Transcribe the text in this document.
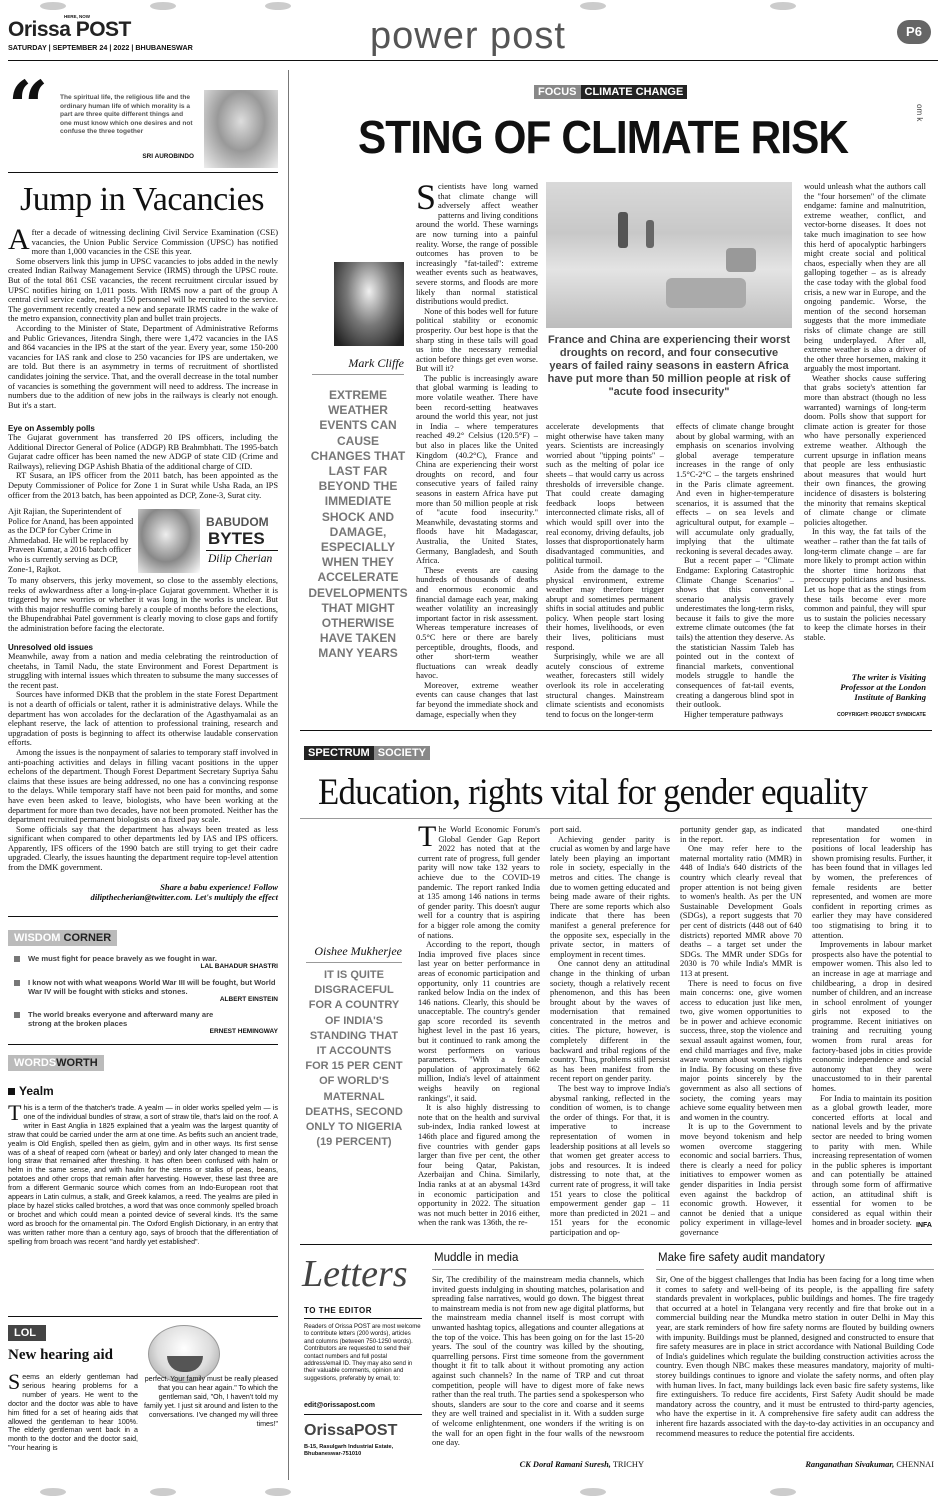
Orissa POST
HERE, NOW
SATURDAY | SEPTEMBER 24 | 2022 | BHUBANESWAR	power post	P6
“ The spiritual life, the religious life and the ordinary human life of which morality is a part are three quite different things and one must know which one desires and not confuse the three together
SRI AUROBINDO
Jump in Vacancies

After a decade of witnessing declining Civil Service Examination (CSE) vacancies, the Union Public Service Commission (UPSC) has notified more than 1,000 vacancies in the CSE this year.

Some observers link this jump in UPSC vacancies to jobs added in the newly created Indian Railway Management Service (IRMS) through the UPSC route. But of the total 861 CSE vacancies, the recent recruitment circular issued by UPSC notifies hiring on 1,011 posts. With IRMS now a part of the group A central civil service cadre, nearly 150 personnel will be recruited to the service. The government recently created a new and separate IRMS cadre in the wake of the metro expansion, connectivity plan and bullet train projects.

According to the Minister of State, Department of Administrative Reforms and Public Grievances, Jitendra Singh, there were 1,472 vacancies in the IAS and 864 vacancies in the IPS at the start of the year. Every year, some 150-200 vacancies for IAS rank and close to 250 vacancies for IPS are undertaken, we are told. But there is an asymmetry in terms of recruitment of shortlisted candidates joining the service. That, and the overall decrease in the total number of vacancies is something the government will need to address. The increase in numbers due to the addition of new jobs in the railways is clearly not enough. But it's a start.

Eye on Assembly polls

The Gujarat government has transferred 20 IPS officers, including the Additional Director General of Police (ADGP) RB Brahmbhatt. The 1995-batch Gujarat cadre officer has been named the new ADGP of state CID (Crime and Railways), relieving DGP Ashish Bhatia of the additional charge of CID.

RT Susara, an IPS officer from the 2011 batch, has been appointed as the Deputy Commissioner of Police for Zone 1 in Surat while Usha Rada, an IPS officer from the 2013 batch, has been appointed as DCP, Zone-3, Surat city.

Ajit Rajian, the Superintendent of Police for Anand, has been appointed as the DCP for Cyber Crime in Ahmedabad. He will be replaced by Praveen Kumar, a 2016 batch officer who is currently serving as DCP, Zone-1, Rajkot.
BABUDOM
BYTES
Dilip Cherian

To many observers, this jerky movement, so close to the assembly elections, reeks of awkwardness after a long-in-place Gujarat government. Whether it is triggered by new worries or whether it was long in the works is unclear. But with this major reshuffle coming barely a couple of months before the elections, the Bhupendrabhai Patel government is clearly moving to close gaps and fortify the administration before facing the electorate.

Unresolved old issues

Meanwhile, away from a nation and media celebrating the reintroduction of cheetahs, in Tamil Nadu, the state Environment and Forest Department is struggling with internal issues which threaten to subsume the many successes of the recent past.

Sources have informed DKB that the problem in the state Forest Department is not a dearth of officials or talent, rather it is administrative delays. While the department has won accolades for the declaration of the Agasthyamalai as an elephant reserve, the lack of attention to professional training, research and upgradation of posts is beginning to affect its otherwise laudable conservation efforts.

Among the issues is the nonpayment of salaries to temporary staff involved in anti-poaching activities and delays in filling vacant positions in the upper echelons of the department. Though Forest Department Secretary Supriya Sahu claims that these issues are being addressed, no one has a convincing response to the delays. While temporary staff have not been paid for months, and some have even been asked to leave, biologists, who have been working at the department for more than two decades, have not been promoted. Neither has the department recruited permanent biologists on a fixed pay scale.

Some officials say that the department has always been treated as less significant when compared to other departments led by IAS and IPS officers. Apparently, IFS officers of the 1990 batch are still trying to get their cadre upgraded. Clearly, the issues haunting the department require top-level attention from the DMK government.

Share a babu experience! Follow dilipthecherian@twitter.com. Let's multiply the effect
WISDOM CORNER
We must fight for peace bravely as we fought in war.
LAL BAHADUR SHASTRI
I know not with what weapons World War III will be fought, but World War IV will be fought with sticks and stones.
ALBERT EINSTEIN
The world breaks everyone and afterward many are strong at the broken places
ERNEST HEMINGWAY
WORDSWORTH
Yealm
This is a term of the thatcher's trade. A yealm — in older works spelled yelm — is one of the individual bundles of straw, a sort of straw tile, that's laid on the roof. A writer in East Anglia in 1825 explained that a yealm was the largest quantity of straw that could be carried under the arm at one time. As befits such an ancient trade, yealm is Old English, spelled then as gielm, gylm and in other ways. Its first sense was of a sheaf of reaped corn (wheat or barley) and only later changed to mean the long straw that remained after threshing. It has often been confused with halm or helm in the same sense, and with haulm for the stems or stalks of peas, beans, potatoes and other crops that remain after harvesting. However, these last three are from a different Germanic source which comes from an Indo-European root that appears in Latin culmus, a stalk, and Greek kalamos, a reed. The yealms are piled in place by hazel sticks called brotches, a word that was once commonly spelled broach or brochet and which could mean a pointed device of several kinds. It's the same word as brooch for the ornamental pin. The Oxford English Dictionary, in an entry that was written rather more than a century ago, says of brooch that the differentiation of spelling from broach was recent "and hardly yet established".
LOL
New hearing aid
Seems an elderly gentleman had serious hearing problems for a number of years. He went to the doctor and the doctor was able to have him fitted for a set of hearing aids that allowed the gentleman to hear 100%. The elderly gentleman went back in a month to the doctor and the doctor said, "Your hearing is
perfect. Your family must be really pleased that you can hear again." To which the gentleman said, "Oh, I haven't told my family yet. I just sit around and listen to the conversations. I've changed my will three times!"
FOCUS CLIMATE CHANGE
STING OF CLIMATE RISK
Mark Cliffe
EXTREME WEATHER EVENTS CAN CAUSE CHANGES THAT LAST FAR BEYOND THE IMMEDIATE SHOCK AND DAMAGE, ESPECIALLY WHEN THEY ACCELERATE DEVELOPMENTS THAT MIGHT OTHERWISE HAVE TAKEN MANY YEARS

Scientists have long warned that climate change will adversely affect weather patterns and living conditions around the world. These warnings are now turning into a painful reality. Worse, the range of possible outcomes has proven to be increasingly "fat-tailed": extreme weather events such as heatwaves, severe storms, and floods are more likely than normal statistical distributions would predict.

None of this bodes well for future political stability or economic prosperity. Our best hope is that the sharp sting in these tails will goad us into the necessary remedial action before things get even worse. But will it?

The public is increasingly aware that global warming is leading to more volatile weather. There have been record-setting heatwaves around the world this year, not just in India – where temperatures reached 49.2° Celsius (120.5°F) – but also in places like the United Kingdom (40.2°C), France and China are experiencing their worst droughts on record, and four consecutive years of failed rainy seasons in eastern Africa have put more than 50 million people at risk of "acute food insecurity." Meanwhile, devastating storms and floods have hit Madagascar, Australia, the United States, Germany, Bangladesh, and South Africa.

These events are causing hundreds of thousands of deaths and enormous economic and financial damage each year, making weather volatility an increasingly important factor in risk assessment. Whereas temperature increases of 0.5°C here or there are barely perceptible, droughts, floods, and other short-term weather fluctuations can wreak deadly havoc.

Moreover, extreme weather events can cause changes that last far beyond the immediate shock and damage, especially when they

France and China are experiencing their worst droughts on record, and four consecutive years of failed rainy seasons in eastern Africa have put more than 50 million people at risk of "acute food insecurity"

accelerate developments that might otherwise have taken many years. Scientists are increasingly worried about "tipping points" – such as the melting of polar ice sheets – that would carry us across thresholds of irreversible change. That could create damaging feedback loops between interconnected climate risks, all of which would spill over into the real economy, driving defaults, job losses that disproportionately harm disadvantaged communities, and political turmoil.

Aside from the damage to the physical environment, extreme weather may therefore trigger abrupt and sometimes permanent shifts in social attitudes and public policy. When people start losing their homes, livelihoods, or even their lives, politicians must respond.

Surprisingly, while we are all acutely conscious of extreme weather, forecasters still widely overlook its role in accelerating structural changes. Mainstream climate scientists and economists tend to focus on the longer-term

effects of climate change brought about by global warming, with an emphasis on scenarios involving global average temperature increases in the range of only 1.5°C-2°C – the targets enshrined in the Paris climate agreement. And even in higher-temperature scenarios, it is assumed that the effects – on sea levels and agricultural output, for example – will accumulate only gradually, implying that the ultimate reckoning is several decades away.

But a recent paper – "Climate Endgame: Exploring Catastrophic Climate Change Scenarios" – shows that this conventional scenario analysis gravely underestimates the long-term risks, because it fails to give the more extreme climate outcomes (the fat tails) the attention they deserve. As the statistician Nassim Taleb has pointed out in the context of financial markets, conventional models struggle to handle the consequences of fat-tail events, creating a dangerous blind spot in their outlook.

Higher temperature pathways

would unleash what the authors call the "four horsemen" of the climate endgame: famine and malnutrition, extreme weather, conflict, and vector-borne diseases. It does not take much imagination to see how this herd of apocalyptic harbingers might create social and political chaos, especially when they are all galloping together – as is already the case today with the global food crisis, a new war in Europe, and the ongoing pandemic. Worse, the mention of the second horseman suggests that the more immediate risks of climate change are still being underplayed. After all, extreme weather is also a driver of the other three horsemen, making it arguably the most important.

Weather shocks cause suffering that grabs society's attention far more than abstract (though no less warranted) warnings of long-term doom. Polls show that support for climate action is greater for those who have personally experienced extreme weather. Although the current upsurge in inflation means that people are less enthusiastic about measures that would hurt their own finances, the growing incidence of disasters is bolstering the minority that remains skeptical of climate change or climate policies altogether.

In this way, the fat tails of the weather – rather than the fat tails of long-term climate change – are far more likely to prompt action within the shorter time horizons that preoccupy politicians and business. Let us hope that as the stings from these tails become ever more common and painful, they will spur us to sustain the policies necessary to keep the climate horses in their stable.

The writer is Visiting Professor at the London Institute of Banking
COPYRIGHT: PROJECT SYNDICATE
SPECTRUM SOCIETY
Education, rights vital for gender equality
Oishee Mukherjee
IT IS QUITE DISGRACEFUL FOR A COUNTRY OF INDIA'S STANDING THAT IT ACCOUNTS FOR 15 PER CENT OF WORLD'S MATERNAL DEATHS, SECOND ONLY TO NIGERIA (19 PERCENT)

The World Economic Forum's Global Gender Gap Report 2022 has noted that at the current rate of progress, full gender parity will now take 132 years to achieve due to the COVID-19 pandemic. The report ranked India at 135 among 146 nations in terms of gender parity. This doesn't augur well for a country that is aspiring for a bigger role among the comity of nations.

According to the report, though India improved five places since last year on better performance in areas of economic participation and opportunity, only 11 countries are ranked below India on the index of 146 nations. Clearly, this should be unacceptable. The country's gender gap score recorded its seventh highest level in the past 16 years, but it continued to rank among the worst performers on various parameters. "With a female population of approximately 662 million, India's level of attainment weighs heavily on regional rankings", it said.

It is also highly distressing to note that on the health and survival sub-index, India ranked lowest at 146th place and figured among the five countries with gender gaps larger than five per cent, the other four being Qatar, Pakistan, Azerbaijan and China. Similarly, India ranks at at an abysmal 143rd in economic participation and opportunity in 2022. The situation was not much better in 2016 either, when the rank was 136th, the re-

port said.

Achieving gender parity is crucial as women by and large have lately been playing an important role in society, especially in the metros and cities. The change is due to women getting educated and being made aware of their rights. There are some reports which also indicate that there has been manifest a general preference for the opposite sex, especially in the private sector, in matters of employment in recent times.

One cannot deny an attitudinal change in the thinking of urban society, though a relatively recent phenomenon, and this has been brought about by the waves of modernisation that remained concentrated in the metros and cities. The picture, however, is completely different in the backward and tribal regions of the country. Thus, problems still persist as has been manifest from the recent report on gender parity.

The best way to improve India's abysmal ranking, reflected in the condition of women, is to change the order of things. For that, it is imperative to increase representation of women in leadership positions at all levels so that women get greater access to jobs and resources. It is indeed distressing to note that, at the current rate of progress, it will take 151 years to close the political empowerment gender gap – 11 more than predicted in 2021 – and 151 years for the economic participation and op-

portunity gender gap, as indicated in the report.

One may refer here to the maternal mortality ratio (MMR) in 448 of India's 640 districts of the country which clearly reveal that proper attention is not being given to women's health. As per the UN Sustainable Development Goals (SDGs), a report suggests that 70 per cent of districts (448 out of 640 districts) reported MMR above 70 deaths – a target set under the SDGs. The MMR under SDGs for 2030 is 70 while India's MMR is 113 at present.

There is need to focus on five main concerns: one, give women access to education just like men, two, give women opportunities to be in power and achieve economic success, three, stop the violence and sexual assault against women, four, end child marriages and five, make aware women about women's rights in India. By focusing on these five major points sincerely by the government as also all sections of society, the coming years may achieve some equality between men and women in the country.

It is up to the Government to move beyond tokenism and help women overcome staggering economic and social barriers. Thus, there is clearly a need for policy initiatives to empower women as gender disparities in India persist even against the backdrop of economic growth. However, it cannot be denied that a unique policy experiment in village-level governance

that mandated one-third representation for women in positions of local leadership has shown promising results. Further, it has been found that in villages led by women, the preferences of female residents are better represented, and women are more confident in reporting crimes as earlier they may have considered too stigmatising to bring it to attention.

Improvements in labour market prospects also have the potential to empower women. This also led to an increase in age at marriage and childbearing, a drop in desired number of children, and an increase in school enrolment of younger girls not exposed to the programme. Recent initiatives on training and recruiting young women from rural areas for factory-based jobs in cities provide economic independence and social autonomy that they were unaccustomed to in their parental homes.

For India to maintain its position as a global growth leader, more concerted efforts at local and national levels and by the private sector are needed to bring women to parity with men. While increasing representation of women in the public spheres is important and can potentially be attained through some form of affirmative action, an attitudinal shift is essential for women to be considered as equal within their homes and in broader society. INFA
Letters
TO THE EDITOR
Readers of Orissa POST are most welcome to contribute letters (200 words), articles and columns (between 750-1250 words). Contributors are requested to send their contact numbers and full postal address/email ID. They may also send in their valuable comments, opinion and suggestions, preferably by email, to:
edit@orissapost.com
OrissaPOST
B-15, Rasulgarh Industrial Estate, Bhubaneswar-751010
Muddle in media
Sir, The credibility of the mainstream media channels, which invited guests indulging in shouting matches, polarisation and spreading false narratives, would go down. The biggest threat to mainstream media is not from new age digital platforms, but the mainstream media channel itself is most corrupt with unwanted hashtag topics, allegations and counter allegations at the top of the voice. This has been going on for the last 15-20 years. The soul of the country was killed by the shouting, quarrelling persons. First time someone from the government thought it fit to talk about it without promoting any action against such channels? In the name of TRP and cut throat competition, people will have to digest more of fake news rather than the real truth. The parties send a spokesperson who shouts, slanders are sour to the core and coarse and it seems they are well trained and specialist in it. With a sudden surge of welcome enlightenment, one wonders if the writing is on the wall for an open fight in the four walls of the newsroom one day.
CK Doral Ramani Suresh, TRICHY
Make fire safety audit mandatory
Sir, One of the biggest challenges that India has been facing for a long time when it comes to safety and well-being of its people, is the appalling fire safety standards prevalent in workplaces, public buildings and homes. The fire tragedy that occurred at a hotel in Telangana very recently and fire that broke out in a commercial building near the Mundka metro station in outer Delhi in May this year, are stark reminders of how fire safety norms are flouted by building owners with impunity. Buildings must be planned, designed and constructed to ensure that fire safety measures are in place in strict accordance with National Building Code of India's guidelines which regulate the building construction activities across the country. Even though NBC makes these measures mandatory, majority of multi-storey buildings continues to ignore and violate the safety norms, and often play with human lives. In fact, many buildings lack even basic fire safety systems, like fire extinguishers. To reduce fire accidents, First Safety Audit should be made mandatory across the country, and it must be entrusted to third-party agencies, who have the expertise in it. A comprehensive fire safety audit can address the inherent fire hazards associated with the day-to-day activities in an occupancy and recommend measures to reduce the potential fire accidents.
Ranganathan Sivakumar, CHENNAI
om k
